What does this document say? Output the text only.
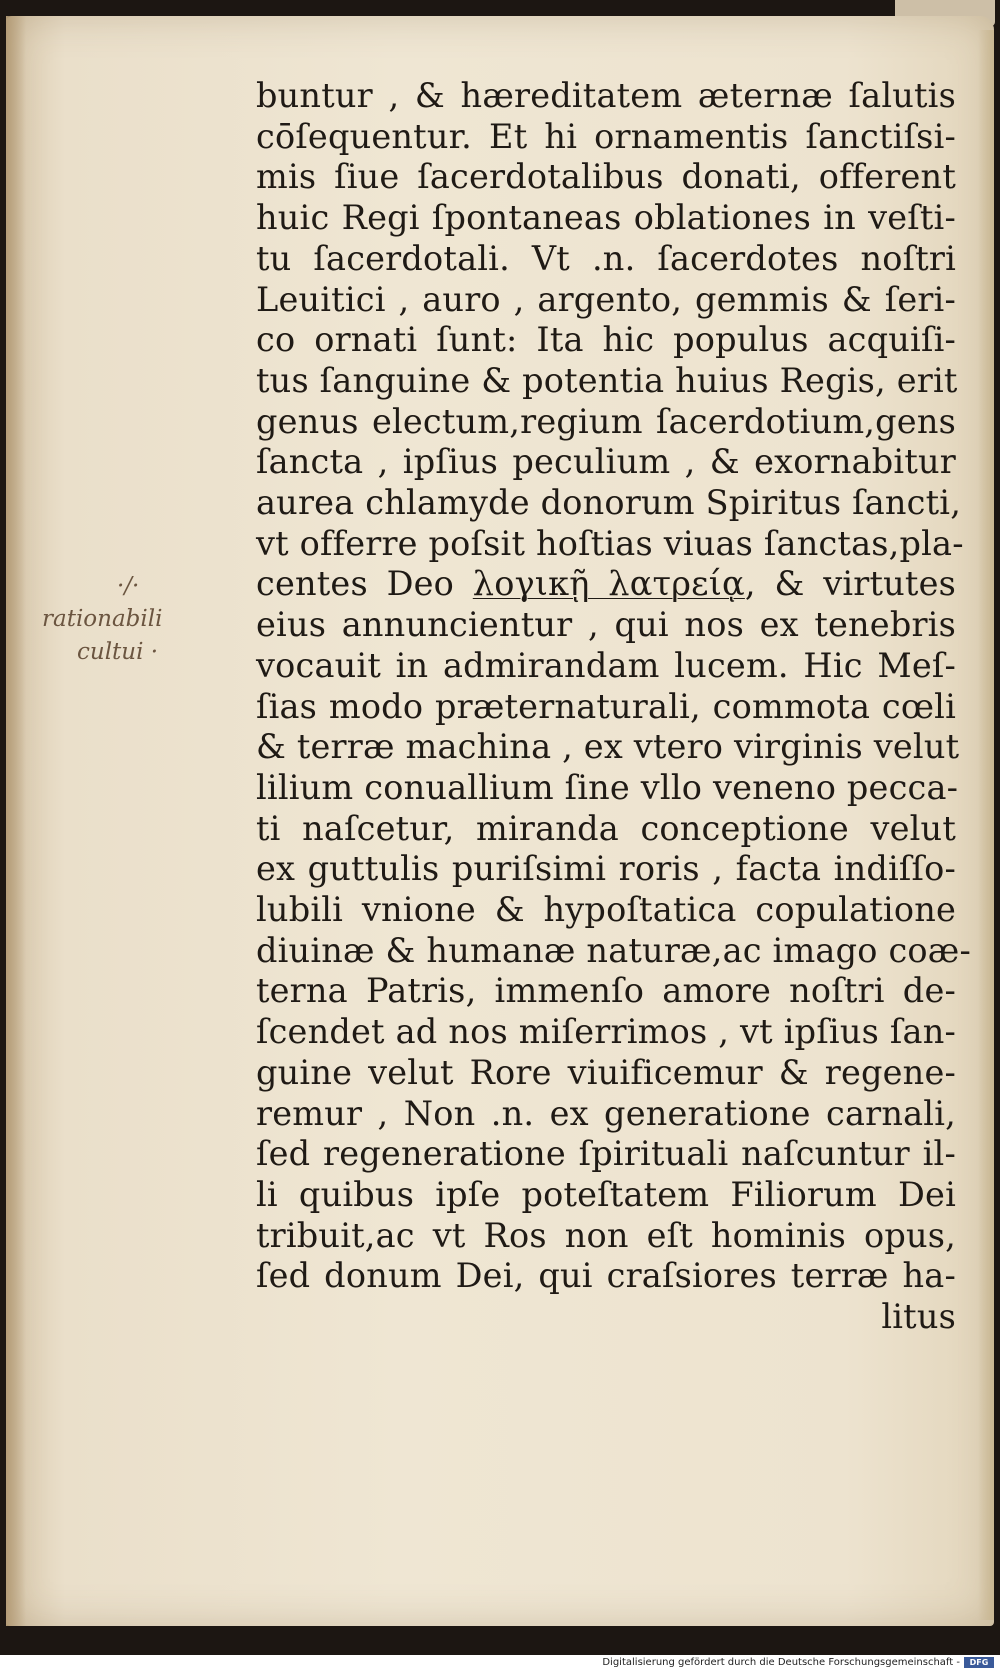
·/·
rationabili
cultui ·
buntur , & hæreditatem æternæ ſalutis
cōſequentur. Et hi ornamentis ſanctiſsi-
mis ſiue ſacerdotalibus donati, offerent
huic Regi ſpontaneas oblationes in veſti-
tu ſacerdotali. Vt .n. ſacerdotes noſtri
Leuitici , auro , argento, gemmis & ſeri-
co ornati ſunt: Ita hic populus acquiſi-
tus ſanguine & potentia huius Regis, erit
genus electum,regium ſacerdotium,gens
ſancta , ipſius peculium , & exornabitur
aurea chlamyde donorum Spiritus ſancti,
vt offerre poſsit hoſtias viuas ſanctas,pla-
centes Deo λογικῇ λατρείᾳ, & virtutes
eius annuncientur , qui nos ex tenebris
vocauit in admirandam lucem. Hic Meſ-
ſias modo præternaturali, commota cœli
& terræ machina , ex vtero virginis velut
lilium conuallium ſine vllo veneno pecca-
ti naſcetur, miranda conceptione velut
ex guttulis puriſsimi roris , facta indiſſo-
lubili vnione & hypoſtatica copulatione
diuinæ & humanæ naturæ,ac imago coæ-
terna Patris, immenſo amore noſtri de-
ſcendet ad nos miſerrimos , vt ipſius ſan-
guine velut Rore viuificemur & regene-
remur , Non .n. ex generatione carnali,
ſed regeneratione ſpirituali naſcuntur il-
li quibus ipſe poteſtatem Filiorum Dei
tribuit,ac vt Ros non eſt hominis opus,
ſed donum Dei, qui craſsiores terræ ha-
litus
Digitalisierung gefördert durch die Deutsche Forschungsgemeinschaft -	DFG
